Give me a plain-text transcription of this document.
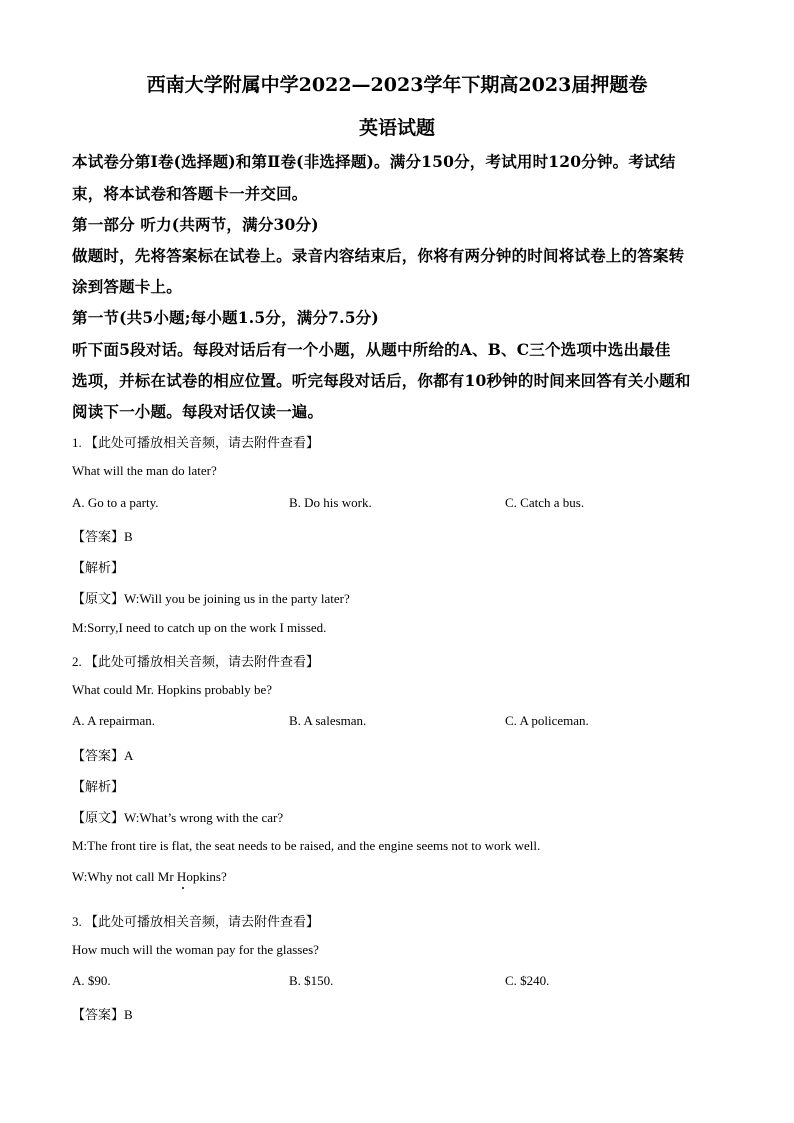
西南大学附属中学2022—2023学年下期高2023届押题卷
英语试题
本试卷分第Ⅰ卷(选择题)和第Ⅱ卷(非选择题)。满分150分，考试用时120分钟。考试结
束，将本试卷和答题卡一并交回。
第一部分 听力(共两节，满分30分)
做题时，先将答案标在试卷上。录音内容结束后，你将有两分钟的时间将试卷上的答案转
涂到答题卡上。
第一节(共5小题;每小题1.5分，满分7.5分)
听下面5段对话。每段对话后有一个小题，从题中所给的A、B、C三个选项中选出最佳
选项，并标在试卷的相应位置。听完每段对话后，你都有10秒钟的时间来回答有关小题和
阅读下一小题。每段对话仅读一遍。
1. 【此处可播放相关音频，请去附件查看】
What will the man do later?
A. Go to a party.	B. Do his work.	C. Catch a bus.
【答案】B
【解析】
【原文】W:Will you be joining us in the party later?
M:Sorry,I need to catch up on the work I missed.
2. 【此处可播放相关音频，请去附件查看】
What could Mr. Hopkins probably be?
A. A repairman.	B. A salesman.	C. A policeman.
【答案】A
【解析】
【原文】W:What’s wrong with the car?
M:The front tire is flat, the seat needs to be raised, and the engine seems not to work well.
W:Why not call Mr Hopkins?
3. 【此处可播放相关音频，请去附件查看】
How much will the woman pay for the glasses?
A. $90.	B. $150.	C. $240.
【答案】B
